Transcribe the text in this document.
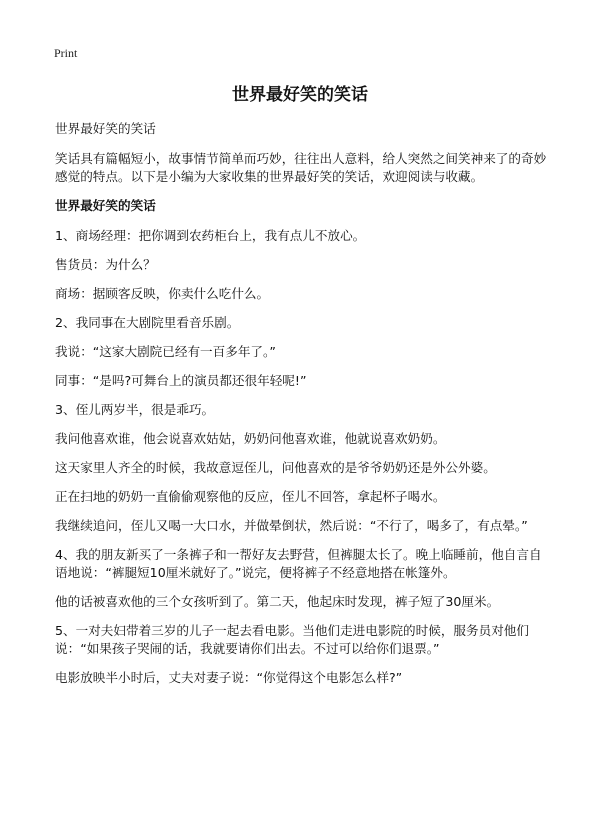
Print
世界最好笑的笑话
世界最好笑的笑话
笑话具有篇幅短小，故事情节简单而巧妙，往往出人意料，给人突然之间笑神来了的奇妙感觉的特点。以下是小编为大家收集的世界最好笑的笑话，欢迎阅读与收藏。
世界最好笑的笑话
1、商场经理：把你调到农药柜台上，我有点儿不放心。
售货员：为什么？
商场：据顾客反映，你卖什么吃什么。
2、我同事在大剧院里看音乐剧。
我说：“这家大剧院已经有一百多年了。”
同事：“是吗?可舞台上的演员都还很年轻呢!”
3、侄儿两岁半，很是乖巧。
我问他喜欢谁，他会说喜欢姑姑，奶奶问他喜欢谁，他就说喜欢奶奶。
这天家里人齐全的时候，我故意逗侄儿，问他喜欢的是爷爷奶奶还是外公外婆。
正在扫地的奶奶一直偷偷观察他的反应，侄儿不回答，拿起杯子喝水。
我继续追问，侄儿又喝一大口水，并做晕倒状，然后说：“不行了，喝多了，有点晕。”
4、我的朋友新买了一条裤子和一帮好友去野营，但裤腿太长了。晚上临睡前，他自言自语地说：“裤腿短10厘米就好了。”说完，便将裤子不经意地搭在帐篷外。
他的话被喜欢他的三个女孩听到了。第二天，他起床时发现，裤子短了30厘米。
5、一对夫妇带着三岁的儿子一起去看电影。当他们走进电影院的时候，服务员对他们说：“如果孩子哭闹的话，我就要请你们出去。不过可以给你们退票。”
电影放映半小时后，丈夫对妻子说：“你觉得这个电影怎么样?”
